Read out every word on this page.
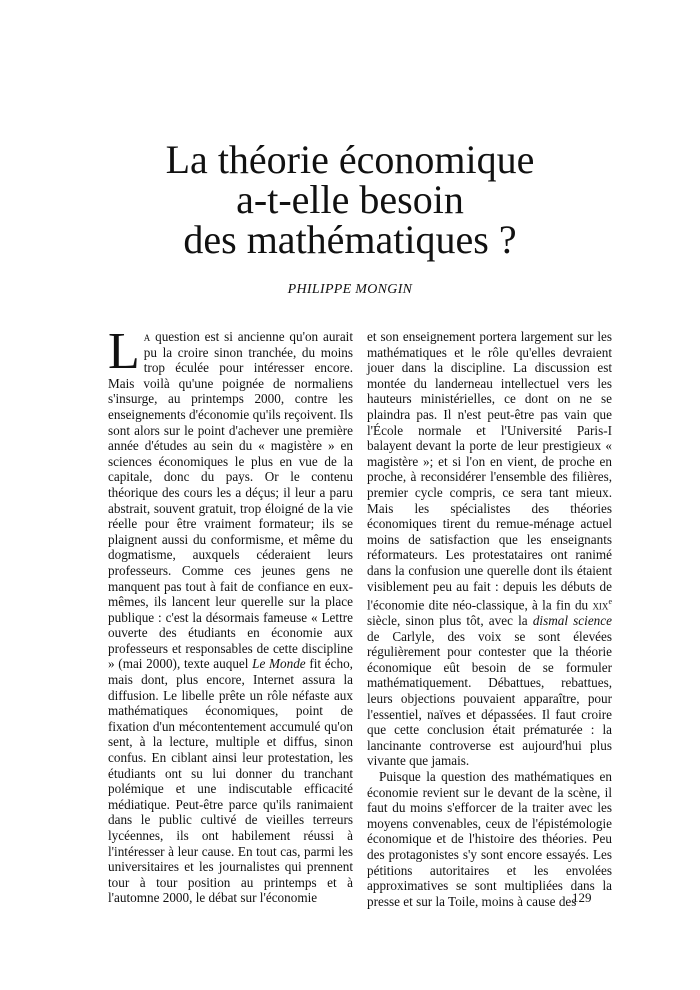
La théorie économique
a-t-elle besoin
des mathématiques ?
PHILIPPE MONGIN

La question est si ancienne qu'on aurait pu la croire sinon tranchée, du moins trop éculée pour intéresser encore. Mais voilà qu'une poignée de normaliens s'insurge, au printemps 2000, contre les enseignements d'économie qu'ils reçoivent. Ils sont alors sur le point d'achever une première année d'études au sein du « magistère » en sciences économiques le plus en vue de la capitale, donc du pays. Or le contenu théorique des cours les a déçus; il leur a paru abstrait, souvent gratuit, trop éloigné de la vie réelle pour être vraiment formateur; ils se plaignent aussi du conformisme, et même du dogmatisme, auxquels céderaient leurs professeurs. Comme ces jeunes gens ne manquent pas tout à fait de confiance en eux-mêmes, ils lancent leur querelle sur la place publique : c'est la désormais fameuse « Lettre ouverte des étudiants en économie aux professeurs et responsables de cette discipline » (mai 2000), texte auquel Le Monde fit écho, mais dont, plus encore, Internet assura la diffusion. Le libelle prête un rôle néfaste aux mathématiques économiques, point de fixation d'un mécontentement accumulé qu'on sent, à la lecture, multiple et diffus, sinon confus. En ciblant ainsi leur protestation, les étudiants ont su lui donner du tranchant polémique et une indiscutable efficacité médiatique. Peut-être parce qu'ils ranimaient dans le public cultivé de vieilles terreurs lycéennes, ils ont habilement réussi à l'intéresser à leur cause. En tout cas, parmi les universitaires et les journalistes qui prennent tour à tour position au printemps et à l'automne 2000, le débat sur l'économie

et son enseignement portera largement sur les mathématiques et le rôle qu'elles devraient jouer dans la discipline. La discussion est montée du landerneau intellectuel vers les hauteurs ministérielles, ce dont on ne se plaindra pas. Il n'est peut-être pas vain que l'École normale et l'Université Paris-I balayent devant la porte de leur prestigieux « magistère »; et si l'on en vient, de proche en proche, à reconsidérer l'ensemble des filières, premier cycle compris, ce sera tant mieux. Mais les spécialistes des théories économiques tirent du remue-ménage actuel moins de satisfaction que les enseignants réformateurs. Les protestataires ont ranimé dans la confusion une querelle dont ils étaient visiblement peu au fait : depuis les débuts de l'économie dite néo-classique, à la fin du xix$^e$ siècle, sinon plus tôt, avec la dismal science de Carlyle, des voix se sont élevées régulièrement pour contester que la théorie économique eût besoin de se formuler mathématiquement. Débattues, rebattues, leurs objections pouvaient apparaître, pour l'essentiel, naïves et dépassées. Il faut croire que cette conclusion était prématurée : la lancinante controverse est aujourd'hui plus vivante que jamais.

Puisque la question des mathématiques en économie revient sur le devant de la scène, il faut du moins s'efforcer de la traiter avec les moyens convenables, ceux de l'épistémologie économique et de l'histoire des théories. Peu des protagonistes s'y sont encore essayés. Les pétitions autoritaires et les envolées approximatives se sont multipliées dans la presse et sur la Toile, moins à cause des

129
